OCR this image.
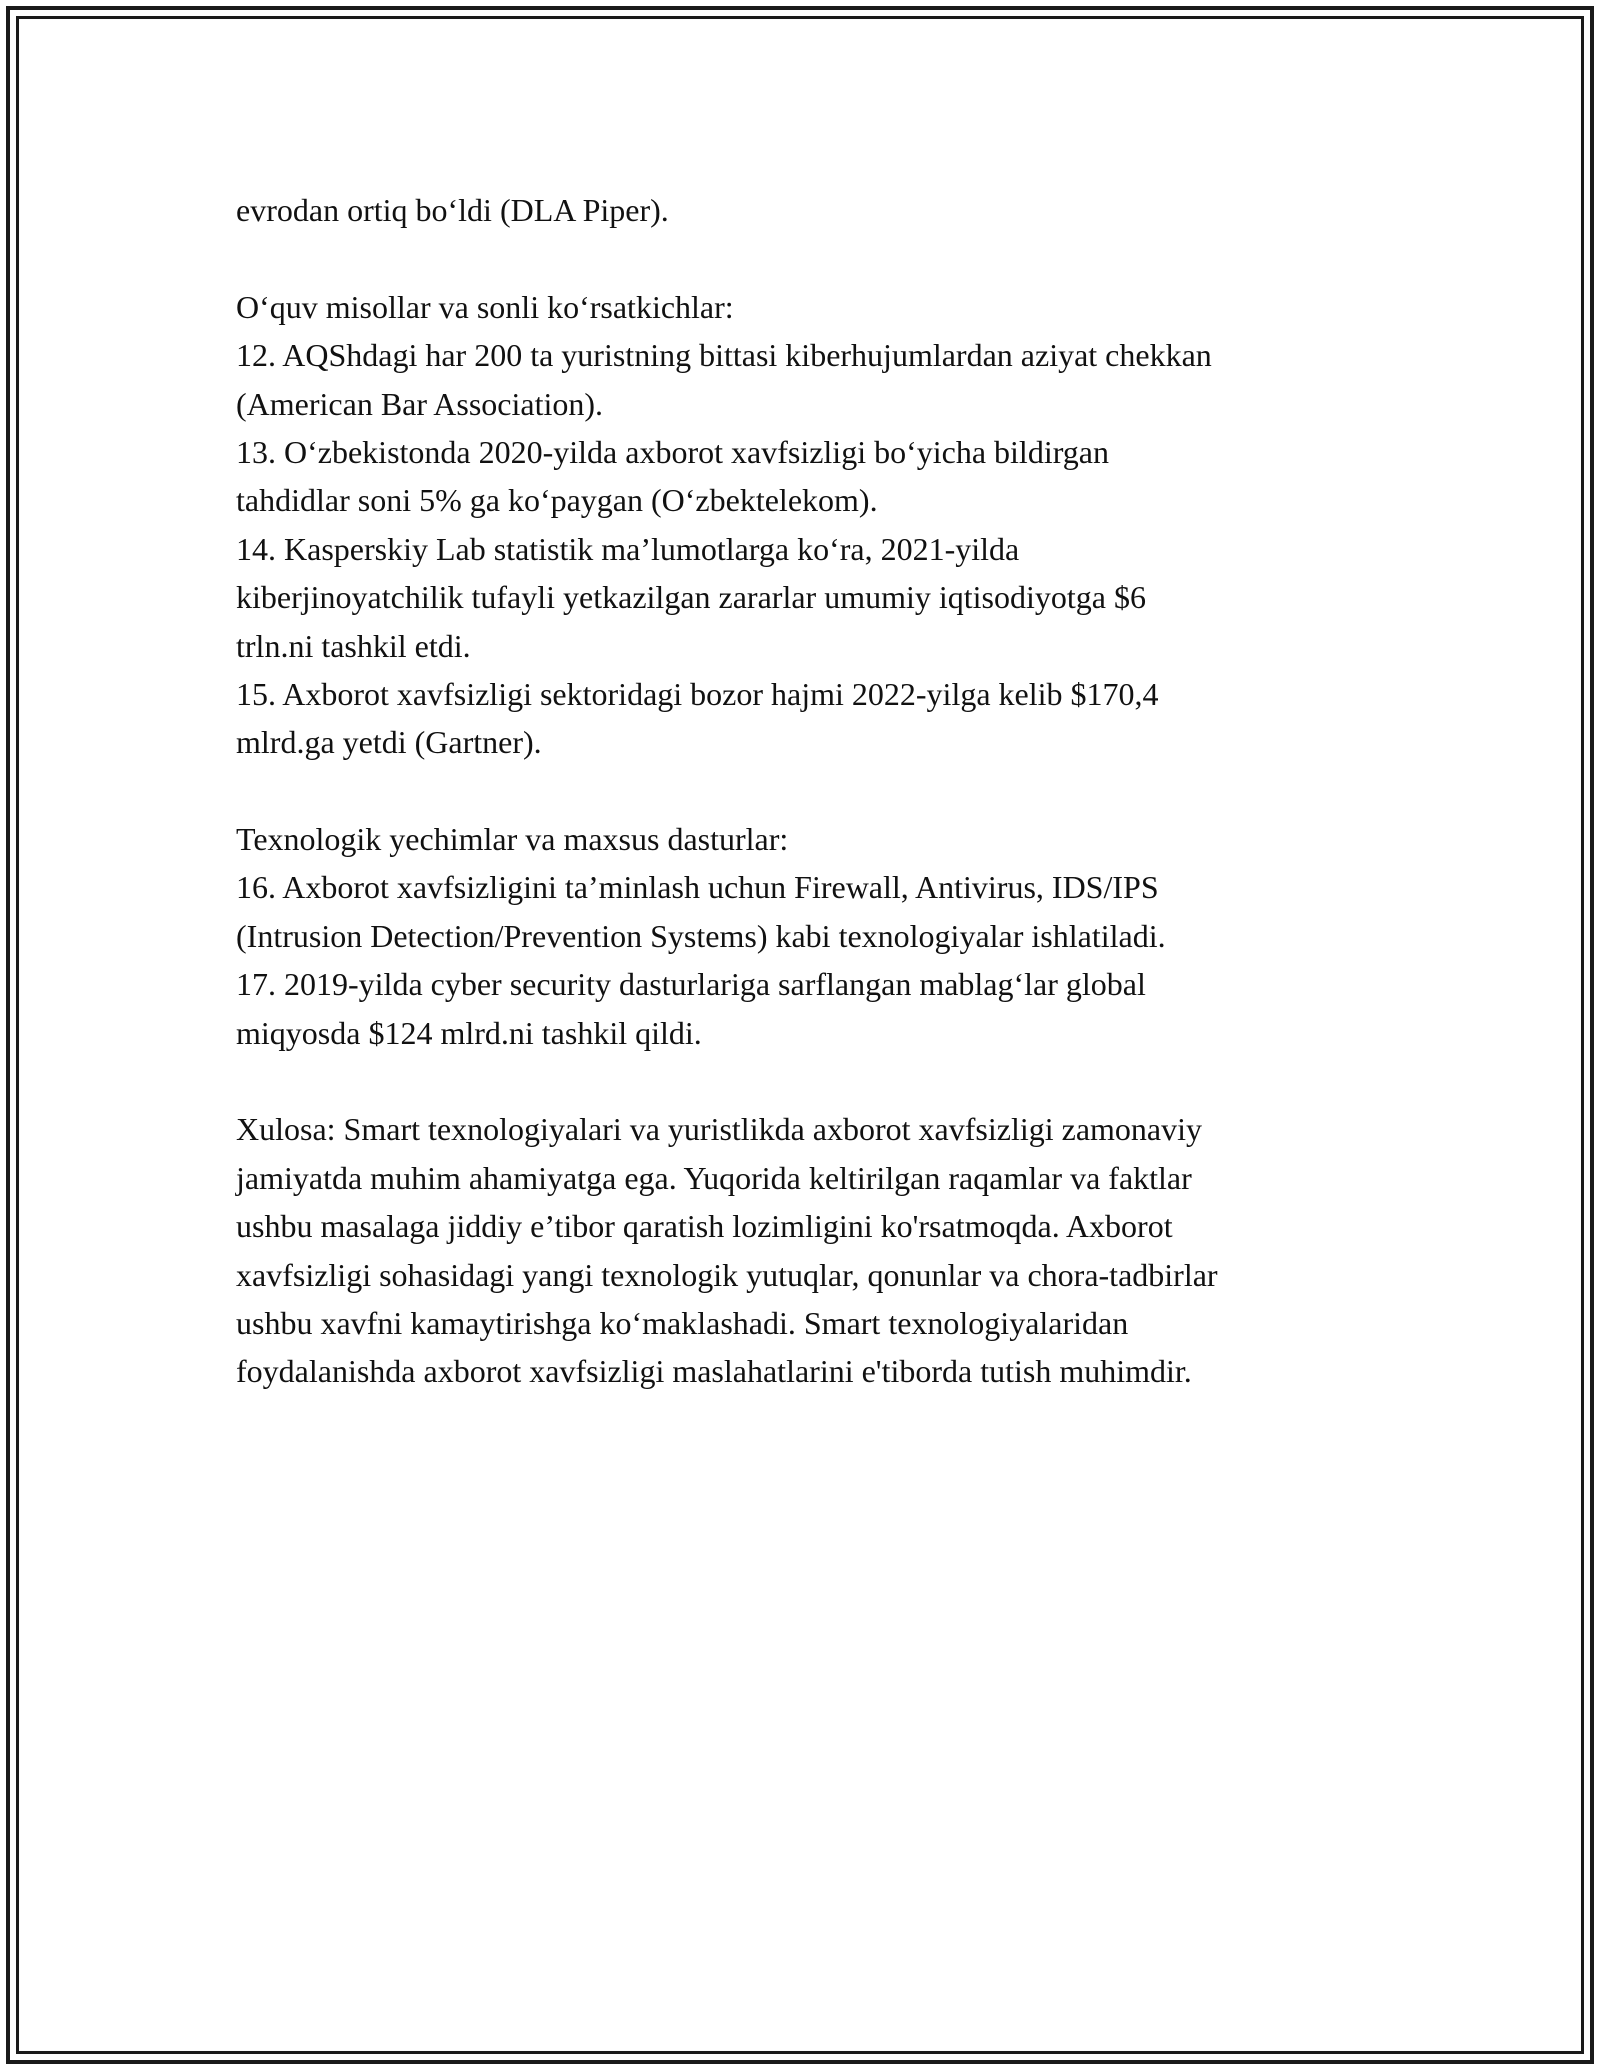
evrodan ortiq boʻldi (DLA Piper).
Oʻquv misollar va sonli koʻrsatkichlar:
12. AQShdagi har 200 ta yuristning bittasi kiberhujumlardan aziyat chekkan
(American Bar Association).
13. Oʻzbekistonda 2020-yilda axborot xavfsizligi boʻyicha bildirgan
tahdidlar soni 5% ga koʻpaygan (Oʻzbektelekom).
14. Kasperskiy Lab statistik ma’lumotlarga koʻra, 2021-yilda
kiberjinoyatchilik tufayli yetkazilgan zararlar umumiy iqtisodiyotga $6
trln.ni tashkil etdi.
15. Axborot xavfsizligi sektoridagi bozor hajmi 2022-yilga kelib $170,4
mlrd.ga yetdi (Gartner).
Texnologik yechimlar va maxsus dasturlar:
16. Axborot xavfsizligini ta’minlash uchun Firewall, Antivirus, IDS/IPS
(Intrusion Detection/Prevention Systems) kabi texnologiyalar ishlatiladi.
17. 2019-yilda cyber security dasturlariga sarflangan mablagʻlar global
miqyosda $124 mlrd.ni tashkil qildi.
Xulosa: Smart texnologiyalari va yuristlikda axborot xavfsizligi zamonaviy
jamiyatda muhim ahamiyatga ega. Yuqorida keltirilgan raqamlar va faktlar
ushbu masalaga jiddiy e’tibor qaratish lozimligini ko'rsatmoqda. Axborot
xavfsizligi sohasidagi yangi texnologik yutuqlar, qonunlar va chora-tadbirlar
ushbu xavfni kamaytirishga koʻmaklashadi. Smart texnologiyalaridan
foydalanishda axborot xavfsizligi maslahatlarini e'tiborda tutish muhimdir.
